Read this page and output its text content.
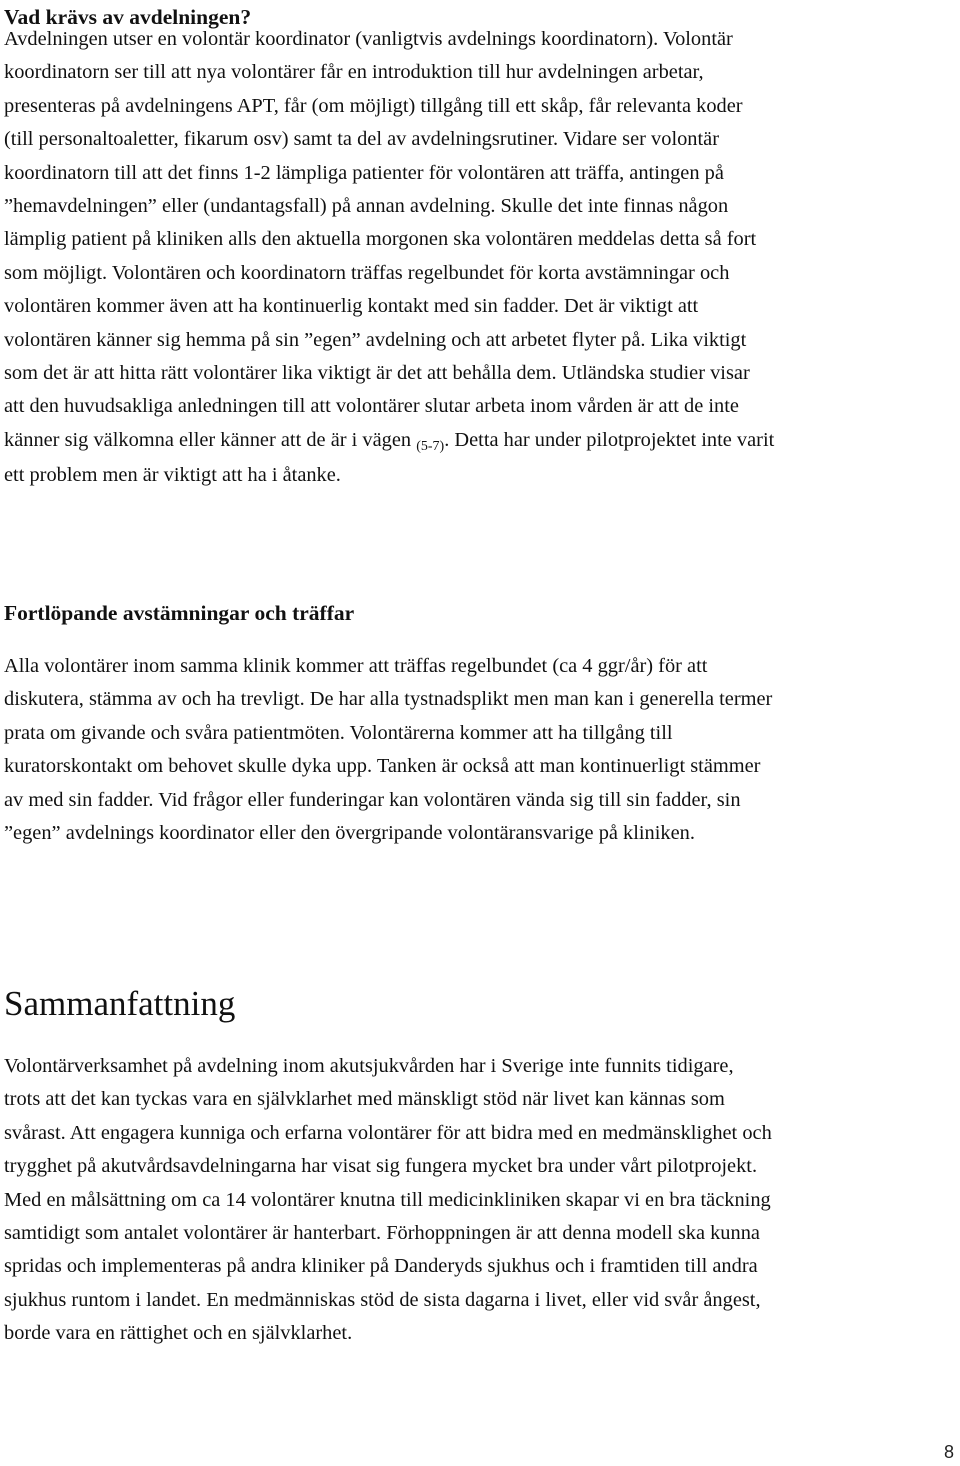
Vad krävs av avdelningen?
Avdelningen utser en volontär koordinator (vanligtvis avdelnings koordinatorn). Volontär
koordinatorn ser till att nya volontärer får en introduktion till hur avdelningen arbetar,
presenteras på avdelningens APT, får (om möjligt) tillgång till ett skåp, får relevanta koder
(till personaltoaletter, fikarum osv) samt ta del av avdelningsrutiner. Vidare ser volontär
koordinatorn till att det finns 1-2 lämpliga patienter för volontären att träffa, antingen på
”hemavdelningen” eller (undantagsfall) på annan avdelning. Skulle det inte finnas någon
lämplig patient på kliniken alls den aktuella morgonen ska volontären meddelas detta så fort
som möjligt. Volontären och koordinatorn träffas regelbundet för korta avstämningar och
volontären kommer även att ha kontinuerlig kontakt med sin fadder. Det är viktigt att
volontären känner sig hemma på sin ”egen” avdelning och att arbetet flyter på. Lika viktigt
som det är att hitta rätt volontärer lika viktigt är det att behålla dem. Utländska studier visar
att den huvudsakliga anledningen till att volontärer slutar arbeta inom vården är att de inte
känner sig välkomna eller känner att de är i vägen (5-7). Detta har under pilotprojektet inte varit
ett problem men är viktigt att ha i åtanke.
Fortlöpande avstämningar och träffar
Alla volontärer inom samma klinik kommer att träffas regelbundet (ca 4 ggr/år) för att
diskutera, stämma av och ha trevligt. De har alla tystnadsplikt men man kan i generella termer
prata om givande och svåra patientmöten. Volontärerna kommer att ha tillgång till
kuratorskontakt om behovet skulle dyka upp. Tanken är också att man kontinuerligt stämmer
av med sin fadder. Vid frågor eller funderingar kan volontären vända sig till sin fadder, sin
”egen” avdelnings koordinator eller den övergripande volontäransvarige på kliniken.
Sammanfattning
Volontärverksamhet på avdelning inom akutsjukvården har i Sverige inte funnits tidigare,
trots att det kan tyckas vara en självklarhet med mänskligt stöd när livet kan kännas som
svårast. Att engagera kunniga och erfarna volontärer för att bidra med en medmänsklighet och
trygghet på akutvårdsavdelningarna har visat sig fungera mycket bra under vårt pilotprojekt.
Med en målsättning om ca 14 volontärer knutna till medicinkliniken skapar vi en bra täckning
samtidigt som antalet volontärer är hanterbart. Förhoppningen är att denna modell ska kunna
spridas och implementeras på andra kliniker på Danderyds sjukhus och i framtiden till andra
sjukhus runtom i landet. En medmänniskas stöd de sista dagarna i livet, eller vid svår ångest,
borde vara en rättighet och en självklarhet.
8
